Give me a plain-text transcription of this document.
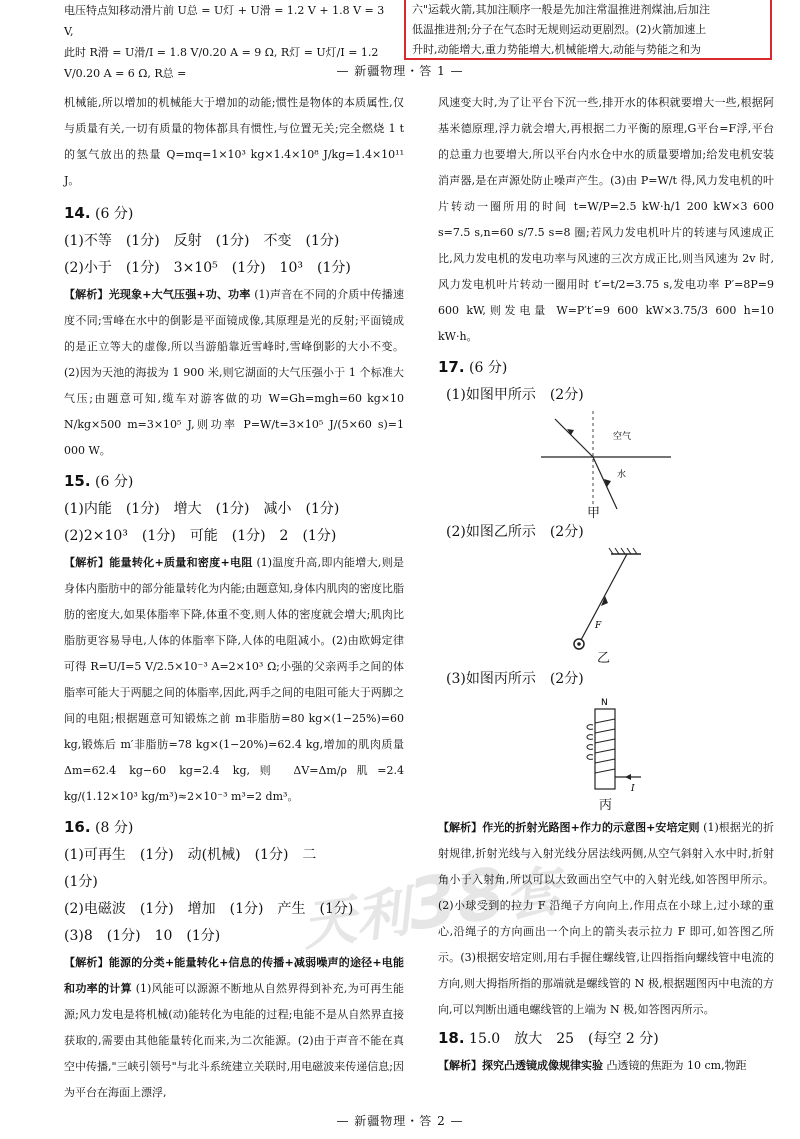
电压特点知移动滑片前 U总 = U灯 + U滑 = 1.2 V + 1.8 V = 3 V,

此时 R滑 = U滑/I = 1.8 V/0.20 A = 9 Ω, R灯 = U灯/I = 1.2 V/0.20 A = 6 Ω, R总 =

六"运载火箭,其加注顺序一般是先加注常温推进剂煤油,后加注

低温推进剂;分子在气态时无规则运动更剧烈。(2)火箭加速上

升时,动能增大,重力势能增大,机械能增大,动能与势能之和为

— 新疆物理・答 1 —
天利38套

机械能,所以增加的机械能大于增加的动能;惯性是物体的本质属性,仅与质量有关,一切有质量的物体都具有惯性,与位置无关;完全燃烧 1 t 的氢气放出的热量 Q=mq=1×10³ kg×1.4×10⁸ J/kg=1.4×10¹¹ J。

14. (6 分)

(1)不等　(1分)　反射　(1分)　不变　(1分)

(2)小于　(1分)　3×10⁵　(1分)　10³　(1分)

【解析】光现象+大气压强+功、功率 (1)声音在不同的介质中传播速度不同;雪峰在水中的倒影是平面镜成像,其原理是光的反射;平面镜成的是正立等大的虚像,所以当游船靠近雪峰时,雪峰倒影的大小不变。(2)因为天池的海拔为 1 900 米,则它湖面的大气压强小于 1 个标准大气压;由题意可知,缆车对游客做的功 W=Gh=mgh=60 kg×10 N/kg×500 m=3×10⁵ J,则功率 P=W/t=3×10⁵ J/(5×60 s)=1 000 W。

15. (6 分)

(1)内能　(1分)　增大　(1分)　减小　(1分)

(2)2×10³　(1分)　可能　(1分)　2　(1分)

【解析】能量转化+质量和密度+电阻 (1)温度升高,即内能增大,则是身体内脂肪中的部分能量转化为内能;由题意知,身体内肌肉的密度比脂肪的密度大,如果体脂率下降,体重不变,则人体的密度就会增大;肌肉比脂肪更容易导电,人体的体脂率下降,人体的电阻减小。(2)由欧姆定律可得 R=U/I=5 V/2.5×10⁻³ A=2×10³ Ω;小强的父亲两手之间的体脂率可能大于两腿之间的体脂率,因此,两手之间的电阻可能大于两脚之间的电阻;根据题意可知锻炼之前 m非脂肪=80 kg×(1−25%)=60 kg,锻炼后 m′非脂肪=78 kg×(1−20%)=62.4 kg,增加的肌肉质量 Δm=62.4 kg−60 kg=2.4 kg,则 ΔV=Δm/ρ肌=2.4 kg/(1.12×10³ kg/m³)≈2×10⁻³ m³=2 dm³。

16. (8 分)

(1)可再生　(1分)　动(机械)　(1分)　二

(1分)

(2)电磁波　(1分)　增加　(1分)　产生　(1分)

(3)8　(1分)　10　(1分)

【解析】能源的分类+能量转化+信息的传播+减弱噪声的途径+电能和功率的计算 (1)风能可以源源不断地从自然界得到补充,为可再生能源;风力发电是将机械(动)能转化为电能的过程;电能不是从自然界直接获取的,需要由其他能量转化而来,为二次能源。(2)由于声音不能在真空中传播,"三峡引领号"与北斗系统建立关联时,用电磁波来传递信息;因为平台在海面上漂浮,

风速变大时,为了让平台下沉一些,排开水的体积就要增大一些,根据阿基米德原理,浮力就会增大,再根据二力平衡的原理,G平台=F浮,平台的总重力也要增大,所以平台内水仓中水的质量要增加;给发电机安装消声器,是在声源处防止噪声产生。(3)由 P=W/t 得,风力发电机的叶片转动一圈所用的时间 t=W/P=2.5 kW·h/1 200 kW×3 600 s=7.5 s,n=60 s/7.5 s=8 圈;若风力发电机叶片的转速与风速成正比,风力发电机的发电功率与风速的三次方成正比,则当风速为 2v 时,风力发电机叶片转动一圈用时 t′=t/2=3.75 s,发电功率 P′=8P=9 600 kW,则发电量 W=P′t′=9 600 kW×3.75/3 600 h=10 kW·h。

17. (6 分)

(1)如图甲所示　(2分)

空气
水
甲

(2)如图乙所示　(2分)

F
乙

(3)如图丙所示　(2分)

N
I
丙

【解析】作光的折射光路图+作力的示意图+安培定则 (1)根据光的折射规律,折射光线与入射光线分居法线两侧,从空气斜射入水中时,折射角小于入射角,所以可以大致画出空气中的入射光线,如答图甲所示。(2)小球受到的拉力 F 沿绳子方向向上,作用点在小球上,过小球的重心,沿绳子的方向画出一个向上的箭头表示拉力 F 即可,如答图乙所示。(3)根据安培定则,用右手握住螺线管,让四指指向螺线管中电流的方向,则大拇指所指的那端就是螺线管的 N 极,根据题图丙中电流的方向,可以判断出通电螺线管的上端为 N 极,如答图丙所示。

18. 15.0　放大　25　(每空 2 分)

【解析】探究凸透镜成像规律实验 凸透镜的焦距为 10 cm,物距

— 新疆物理・答 2 —
